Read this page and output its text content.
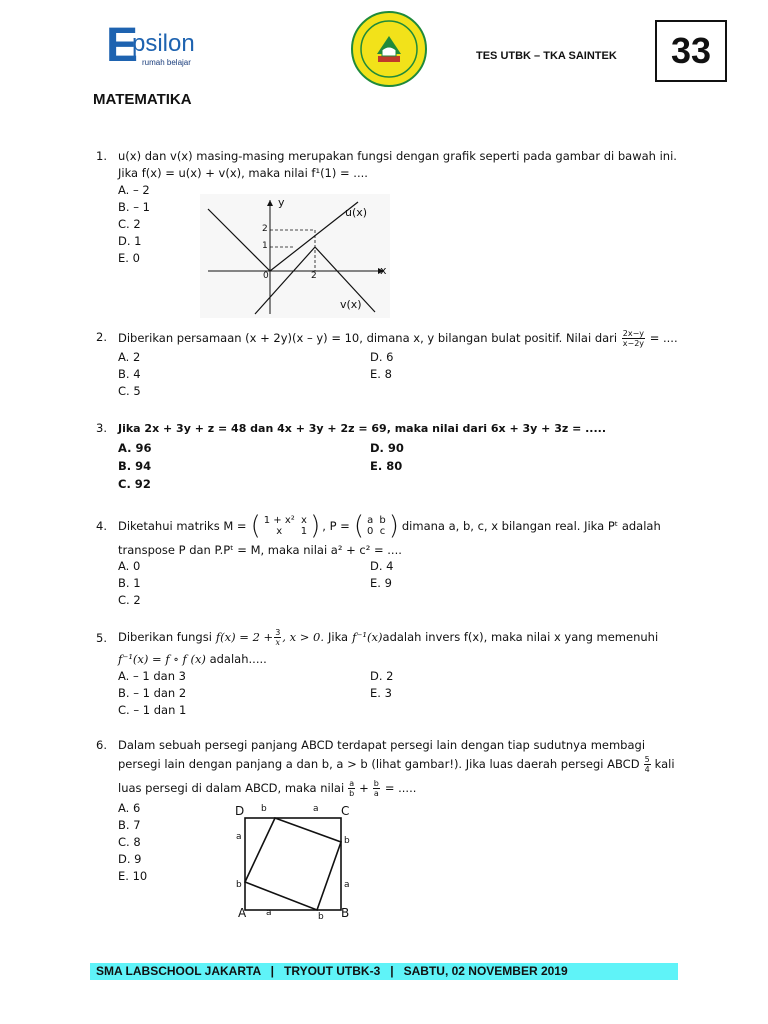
E
psilon
rumah belajar
TES UTBK – TKA SAINTEK	33
MATEMATIKA
1. u(x) dan v(x) masing-masing merupakan fungsi dengan grafik seperti pada gambar di bawah ini.
Jika f(x) = u(x) + v(x), maka nilai f¹(1) = ....
A. – 2
B. – 1
C. 2
D. 1
E. 0
y
x
u(x)
v(x)
2
1
0	2
2. Diberikan persamaan (x + 2y)(x – y) = 10, dimana x, y bilangan bulat positif. Nilai dari $\frac{2x-y}{x-2y}$ = ....
A. 2
B. 4
C. 5
D. 6
E. 8
3. Jika 2x + 3y + z = 48 dan 4x + 3y + 2z = 69, maka nilai dari 6x + 3y + 3z = .....
A. 96
B. 94
C. 92
D. 90
E. 80
4. Diketahui matriks M = ( 1 + x²	x
x	1 ) , P = ( a	b
0	c ) dimana a, b, c, x bilangan real. Jika Pᵗ adalah
transpose P dan P.Pᵗ = M, maka nilai a² + c² = ....
A. 0
B. 1
C. 2
D. 4
E. 9
5. Diberikan fungsi $f(x) = 2 + \frac{3}{x}$ , x > 0. Jika f⁻¹(x) adalah invers f(x), maka nilai x yang memenuhi
f⁻¹(x) = f ∘ f (x) adalah.....
A. – 1 dan 3
B. – 1 dan 2
C. – 1 dan 1
D. 2
E. 3
6. Dalam sebuah persegi panjang ABCD terdapat persegi lain dengan tiap sudutnya membagi
persegi lain dengan panjang a dan b, a > b (lihat gambar!). Jika luas daerah persegi ABCD $\frac{5}{4}$ kali
luas persegi di dalam ABCD, maka nilai $\frac{a}{b} + \frac{b}{a}$ = .....
A. 6
B. 7
C. 8
D. 9
E. 10
D	C
A	B
b	a
a
b
b
a
a	b
SMA LABSCHOOL JAKARTA   |   TRYOUT UTBK-3   |   SABTU, 02 NOVEMBER 2019
